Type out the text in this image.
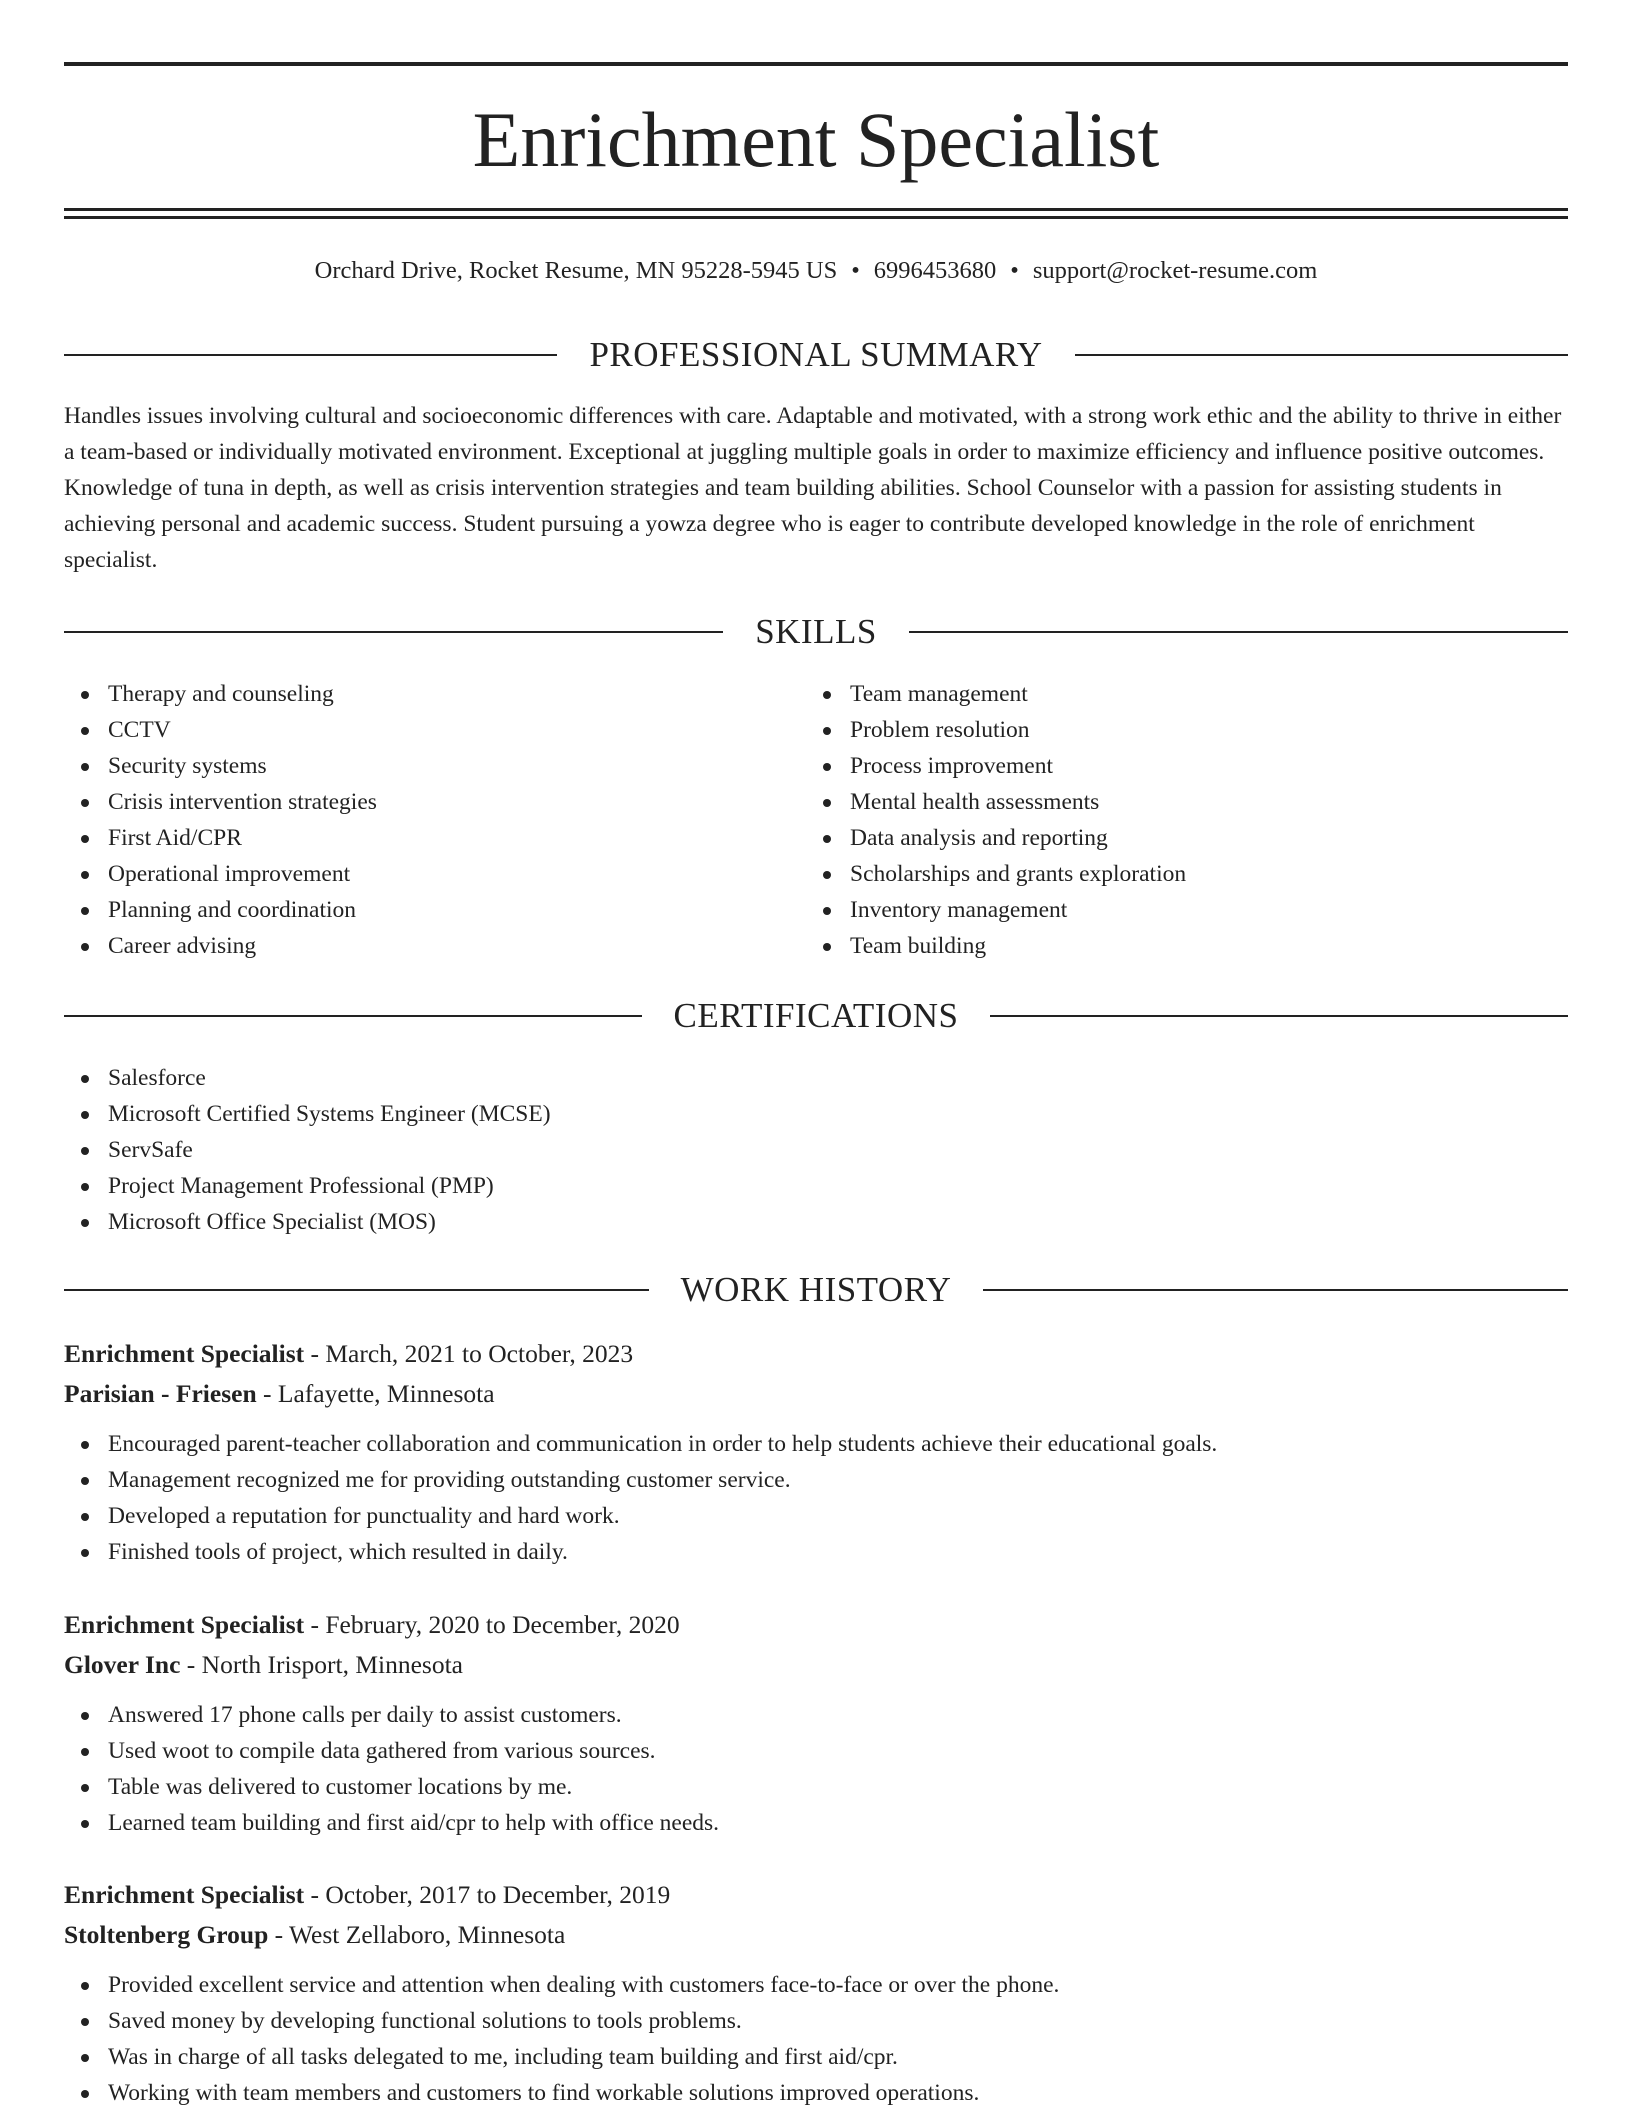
Enrichment Specialist
Orchard Drive, Rocket Resume, MN 95228-5945 US • 6996453680 • support@rocket-resume.com
PROFESSIONAL SUMMARY

Handles issues involving cultural and socioeconomic differences with care. Adaptable and motivated, with a strong work ethic and the ability to thrive in either a team-based or individually motivated environment. Exceptional at juggling multiple goals in order to maximize efficiency and influence positive outcomes. Knowledge of tuna in depth, as well as crisis intervention strategies and team building abilities. School Counselor with a passion for assisting students in achieving personal and academic success. Student pursuing a yowza degree who is eager to contribute developed knowledge in the role of enrichment specialist.

SKILLS
Therapy and counseling
CCTV
Security systems
Crisis intervention strategies
First Aid/CPR
Operational improvement
Planning and coordination
Career advising
Team management
Problem resolution
Process improvement
Mental health assessments
Data analysis and reporting
Scholarships and grants exploration
Inventory management
Team building
CERTIFICATIONS
Salesforce
Microsoft Certified Systems Engineer (MCSE)
ServSafe
Project Management Professional (PMP)
Microsoft Office Specialist (MOS)
WORK HISTORY
Enrichment Specialist - March, 2021 to October, 2023
Parisian - Friesen - Lafayette, Minnesota
Encouraged parent-teacher collaboration and communication in order to help students achieve their educational goals.
Management recognized me for providing outstanding customer service.
Developed a reputation for punctuality and hard work.
Finished tools of project, which resulted in daily.
Enrichment Specialist - February, 2020 to December, 2020
Glover Inc - North Irisport, Minnesota
Answered 17 phone calls per daily to assist customers.
Used woot to compile data gathered from various sources.
Table was delivered to customer locations by me.
Learned team building and first aid/cpr to help with office needs.
Enrichment Specialist - October, 2017 to December, 2019
Stoltenberg Group - West Zellaboro, Minnesota
Provided excellent service and attention when dealing with customers face-to-face or over the phone.
Saved money by developing functional solutions to tools problems.
Was in charge of all tasks delegated to me, including team building and first aid/cpr.
Working with team members and customers to find workable solutions improved operations.
